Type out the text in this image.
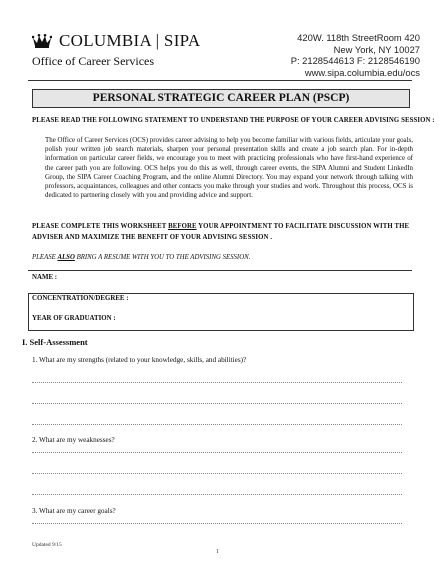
COLUMBIA | SIPA
Office of Career Services
420W. 118th StreetRoom 420
New York, NY 10027
P: 2128544613 F: 2128546190
www.sipa.columbia.edu/ocs
PERSONAL STRATEGIC CAREER PLAN (PSCP)
PLEASE READ THE FOLLOWING STATEMENT TO UNDERSTAND THE PURPOSE OF YOUR CAREER ADVISING SESSION :
The Office of Career Services (OCS) provides career advising to help you become familiar with various fields, articulate your goals, polish your written job search materials, sharpen your personal presentation skills and create a job search plan. For in-depth information on particular career fields, we encourage you to meet with practicing professionals who have first-hand experience of the career path you are following. OCS helps you do this as well, through career events, the SIPA Alumni and Student LinkedIn Group, the SIPA Career Coaching Program, and the online Alumni Directory. You may expand your network through talking with professors, acquaintances, colleagues and other contacts you make through your studies and work. Throughout this process, OCS is dedicated to partnering closely with you and providing advice and support.
PLEASE COMPLETE THIS WORKSHEET BEFORE YOUR APPOINTMENT TO FACILITATE DISCUSSION WITH THE
ADVISER AND MAXIMIZE THE BENEFIT OF YOUR ADVISING SESSION .
PLEASE ALSO BRING A RESUME WITH YOU TO THE ADVISING SESSION.
NAME :
CONCENTRATION/DEGREE :
YEAR OF GRADUATION :
I. Self-Assessment
1. What are my strengths (related to your knowledge, skills, and abilities)?
2. What are my weaknesses?
3. What are my career goals?
Updated 9/15
1
